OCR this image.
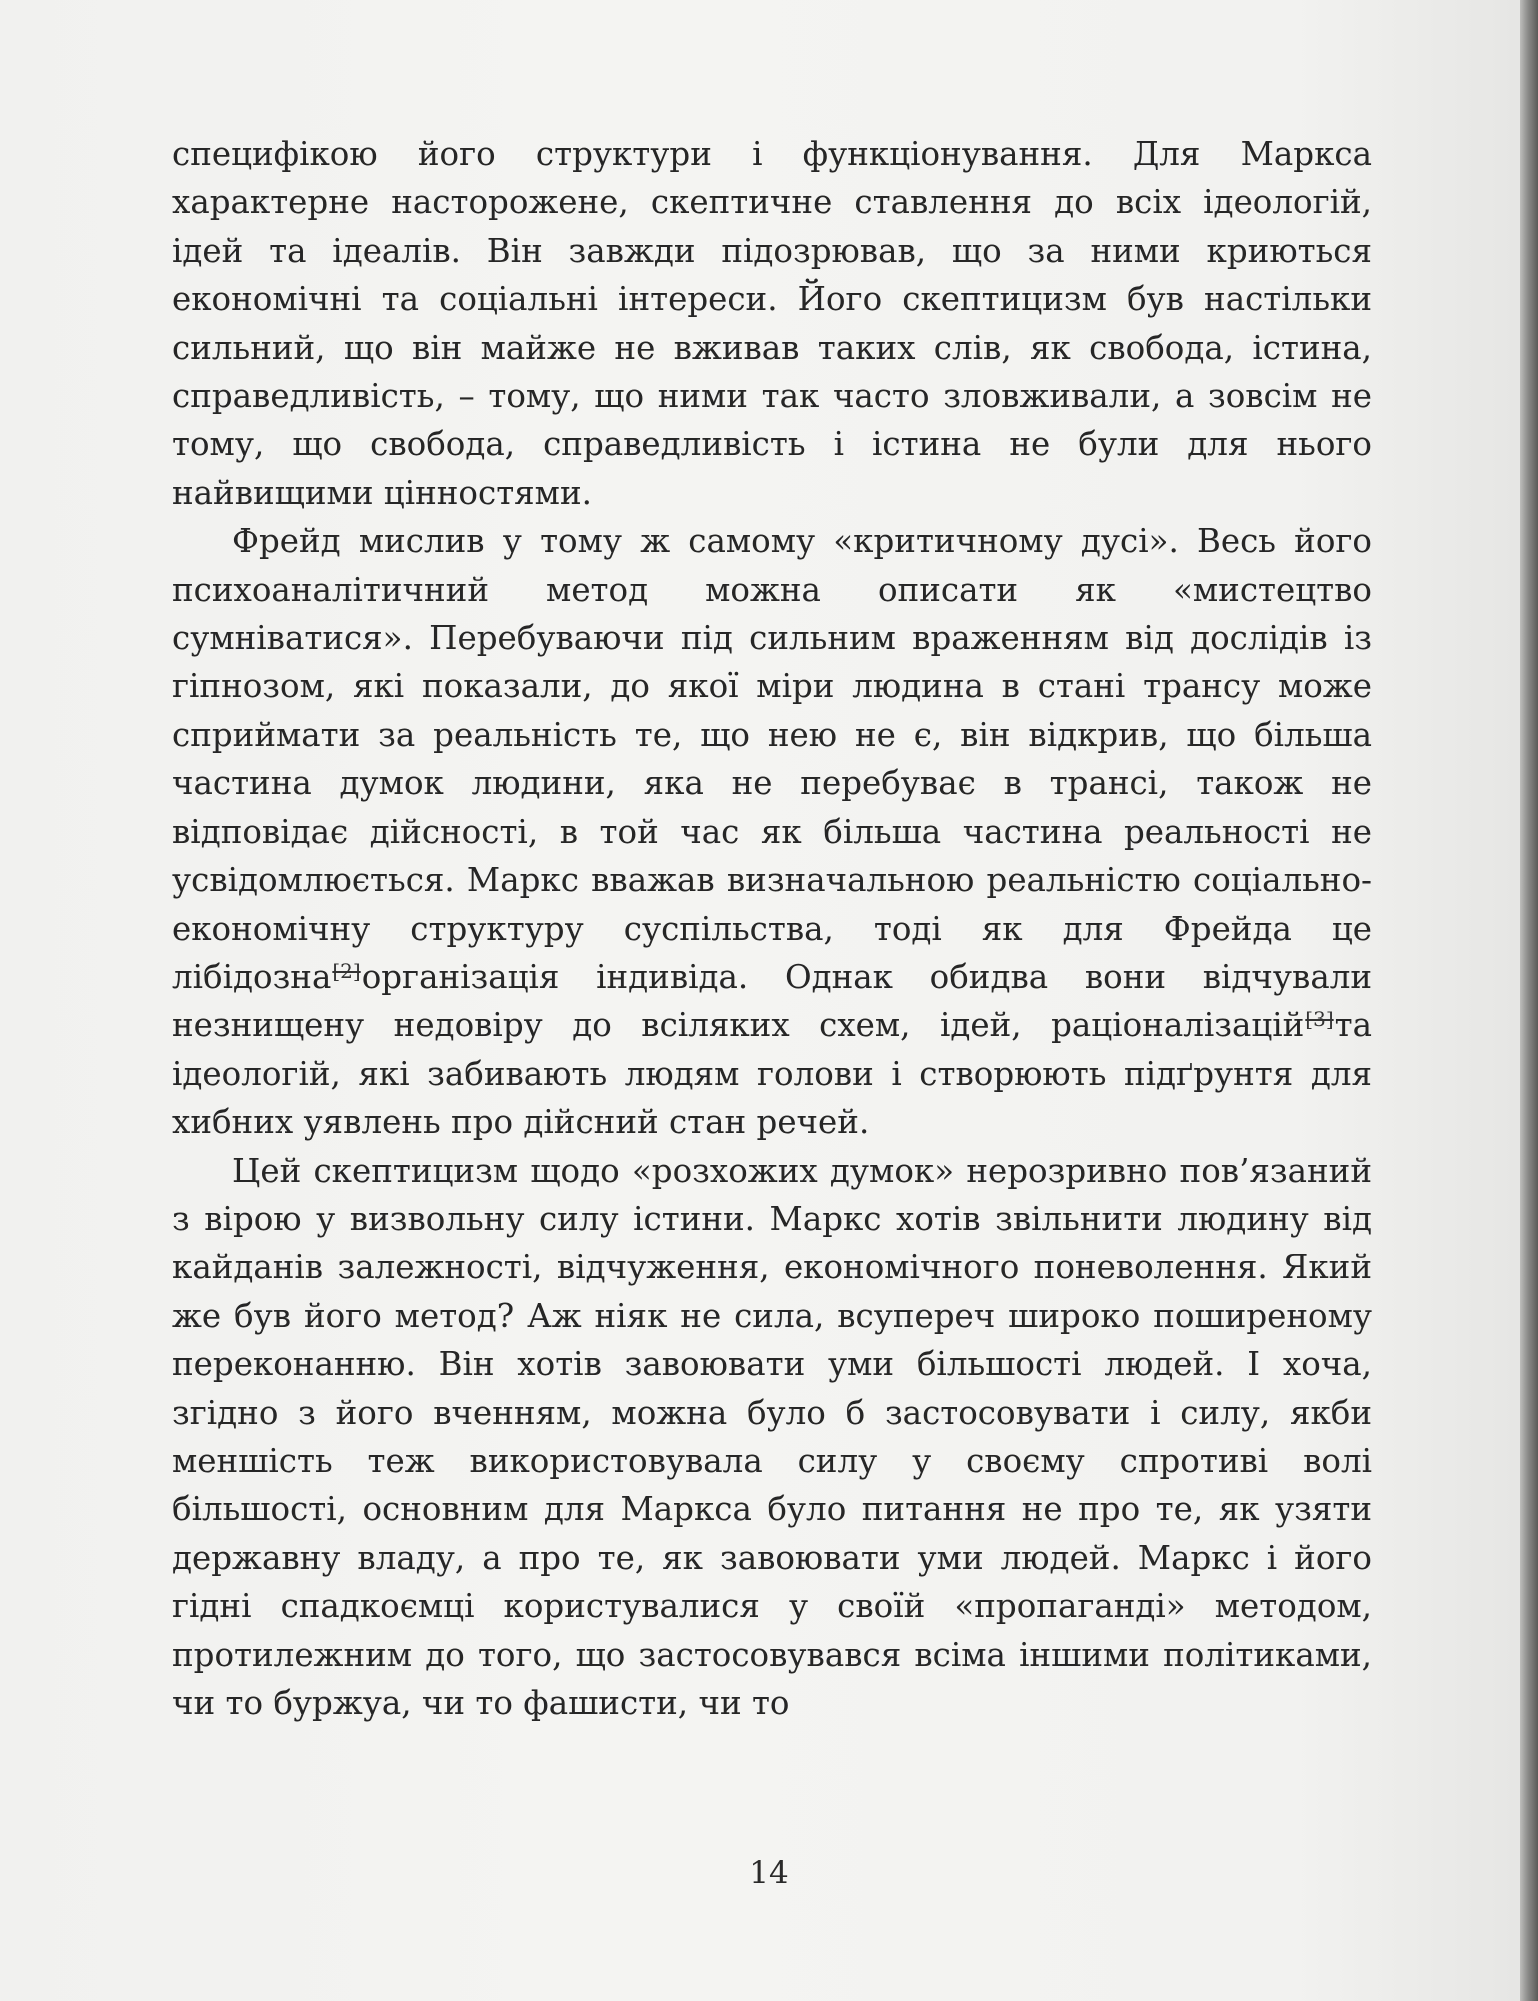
специфікою його структури і функціонування. Для Маркса характерне насторожене, скептичне ставлення до всіх ідеологій, ідей та ідеалів. Він завжди підозрював, що за ними криються економічні та соціальні інтереси. Його скептицизм був настільки сильний, що він майже не вживав таких слів, як свобода, істина, справедливість, – тому, що ними так часто зловживали, а зовсім не тому, що свобода, справедливість і істина не були для нього найвищими цінностями.

Фрейд мислив у тому ж самому «критичному дусі». Весь його психоаналітичний метод можна описати як «мистецтво сумніватися». Перебуваючи під сильним враженням від дослідів із гіпнозом, які показали, до якої міри людина в стані трансу може сприймати за реальність те, що нею не є, він відкрив, що більша частина думок людини, яка не перебуває в трансі, також не відповідає дійсності, в той час як більша частина реальності не усвідомлюється. Маркс вважав визначальною реальністю соціально-економічну структуру суспільства, тоді як для Фрейда це лібідозна[2]організація індивіда. Однак обидва вони відчували незнищену недовіру до всіляких схем, ідей, раціоналізацій[3]та ідеологій, які забивають людям голови і створюють підґрунтя для хибних уявлень про дійсний стан речей.

Цей скептицизм щодо «розхожих думок» нерозривно пов’язаний з вірою у визвольну силу істини. Маркс хотів звільнити людину від кайданів залежності, відчуження, економічного поневолення. Який же був його метод? Аж ніяк не сила, всупереч широко поширеному переконанню. Він хотів завоювати уми більшості людей. І хоча, згідно з його вченням, можна було б застосовувати і силу, якби меншість теж використовувала силу у своєму спротиві волі більшості, основним для Маркса було питання не про те, як узяти державну владу, а про те, як завоювати уми людей. Маркс і його гідні спадкоємці користувалися у своїй «пропаганді» методом, протилежним до того, що застосовувався всіма іншими політиками, чи то буржуа, чи то фашисти, чи то

14
